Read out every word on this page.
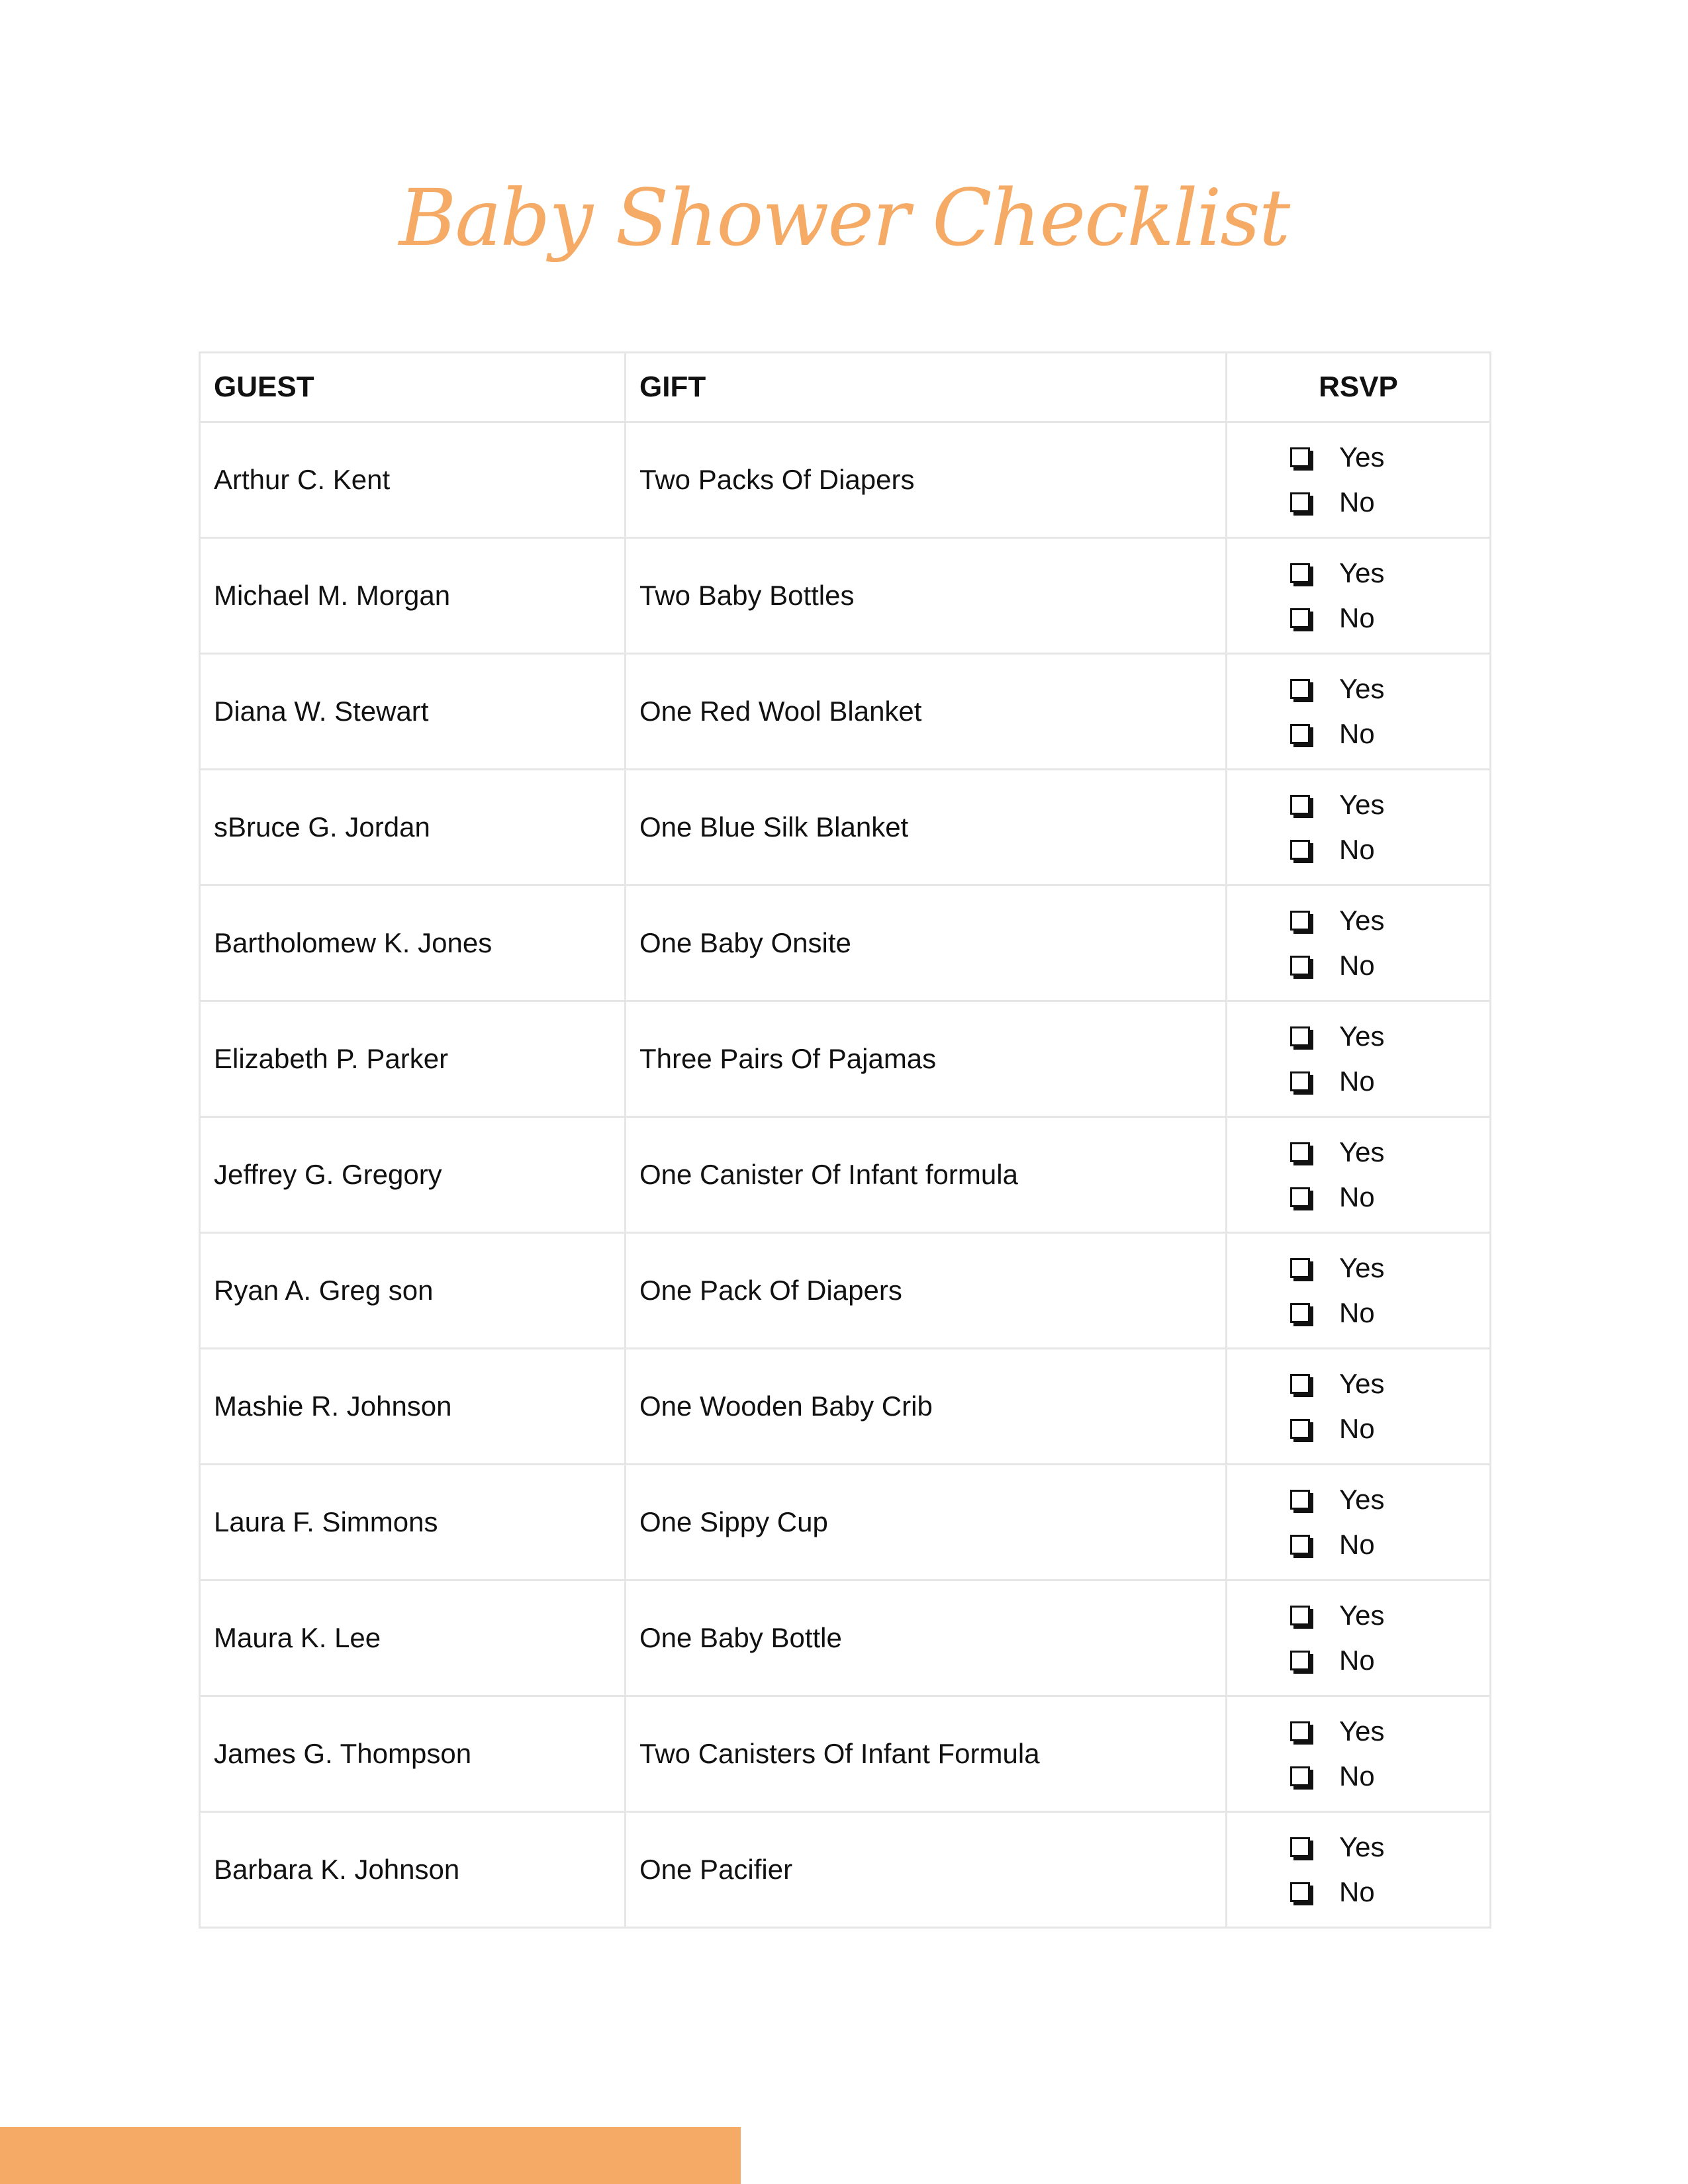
Baby Shower Checklist
GUEST	GIFT	RSVP
Arthur C. Kent	Two Packs Of Diapers	Yes
No

Michael M. Morgan	Two Baby Bottles	Yes
No

Diana W. Stewart	One Red Wool Blanket	Yes
No

sBruce G. Jordan	One Blue Silk Blanket	Yes
No

Bartholomew K. Jones	One Baby Onsite	Yes
No

Elizabeth P. Parker	Three Pairs Of Pajamas	Yes
No

Jeffrey G. Gregory	One Canister Of Infant formula	Yes
No

Ryan A. Greg son	One Pack Of Diapers	Yes
No

Mashie R. Johnson	One Wooden Baby Crib	Yes
No

Laura F. Simmons	One Sippy Cup	Yes
No

Maura K. Lee	One Baby Bottle	Yes
No

James G. Thompson	Two Canisters Of Infant Formula	Yes
No

Barbara K. Johnson	One Pacifier	Yes
No
